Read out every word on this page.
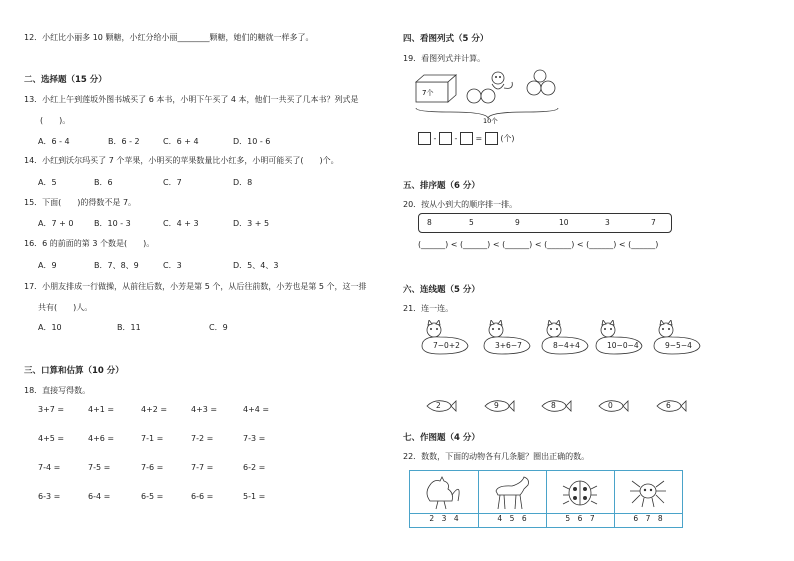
12．小红比小丽多 10 颗糖，小红分给小丽________颗糖，她们的糖就一样多了。
二、选择题（15 分）
13．小红上午到莲坂外图书城买了 6 本书，小明下午买了 4 本，他们一共买了几本书？列式是
(　　)。
A．6 - 4	B．6 - 2	C．6 + 4	D．10 - 6
14．小红到沃尔玛买了 7 个苹果，小明买的苹果数量比小红多，小明可能买了(　　)个。
A．5	B．6	C．7	D．8
15．下面(　　)的得数不是 7。
A．7 + 0	B．10 - 3	C．4 + 3	D．3 + 5
16．6 的前面的第 3 个数是(　　)。
A．9	B．7、8、9	C．3	D．5、4、3
17．小朋友排成一行做操，从前往后数，小芳是第 5 个，从后往前数，小芳也是第 5 个，这一排
共有(　　)人。
A．10	B．11	C．9
三、口算和估算（10 分）
18．直接写得数。
3+7 =	4+1 =	4+2 =	4+3 =	4+4 =
4+5 =	4+6 =	7-1 =	7-2 =	7-3 =
7-4 =	7-5 =	7-6 =	7-7 =	6-2 =
6-3 =	6-4 =	6-5 =	6-6 =	5-1 =
四、看图列式（5 分）
19．看图列式并计算。
7个
10个
- - = (个)
五、排序题（6 分）
20．按从小到大的顺序排一排。
8	5	9	10	3	7
(______) < (______) < (______) < (______) < (______) < (______)
六、连线题（5 分）
21．连一连。
7−0+2	3+6−7	8−4+4	10−0−4	9−5−4
2	9	8	0	6
七、作图题（4 分）
22．数数，下面的动物各有几条腿？圈出正确的数。
2　3　4	4　5　6	5　6　7	6　7　8
